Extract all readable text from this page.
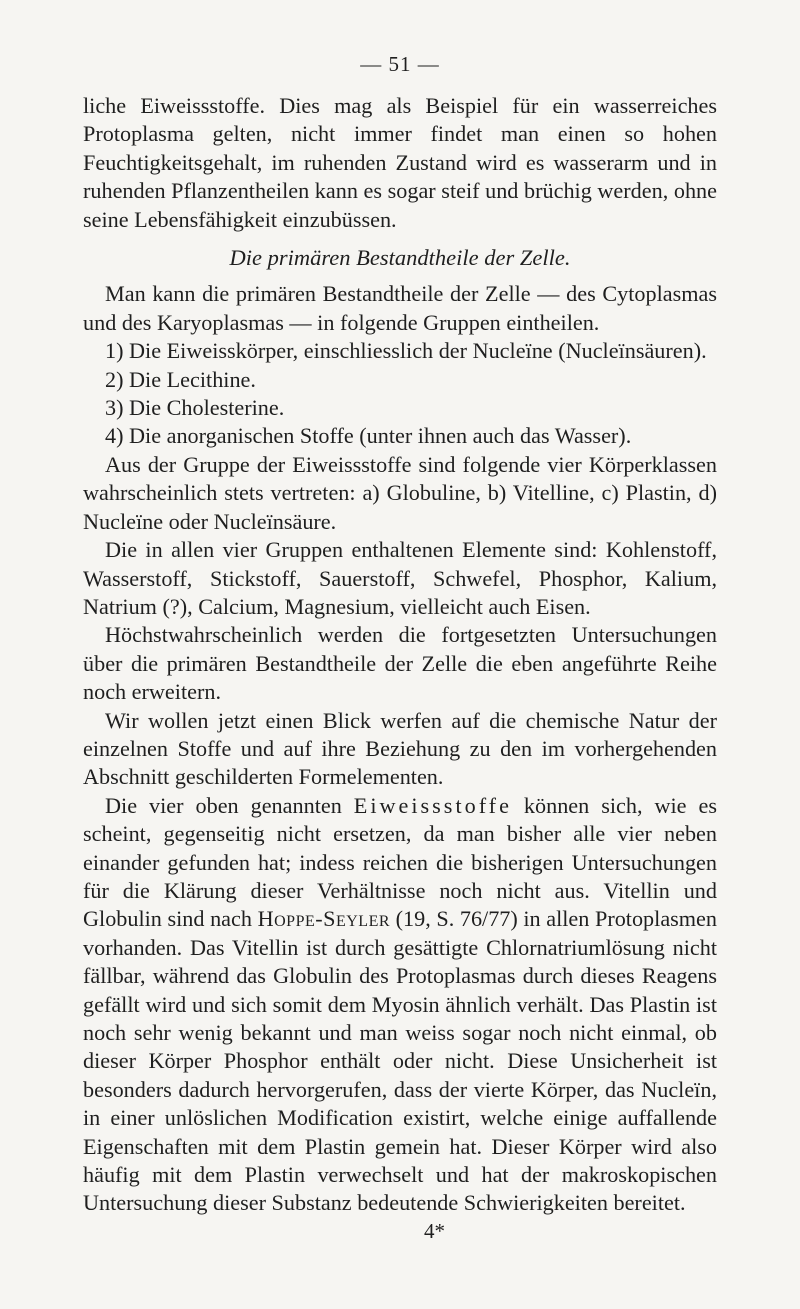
— 51 —

liche Eiweissstoffe. Dies mag als Beispiel für ein wasserreiches Protoplasma gelten, nicht immer findet man einen so hohen Feuchtigkeitsgehalt, im ruhenden Zustand wird es wasserarm und in ruhenden Pflanzentheilen kann es sogar steif und brüchig werden, ohne seine Lebensfähigkeit einzubüssen.

Die primären Bestandtheile der Zelle.

Man kann die primären Bestandtheile der Zelle — des Cytoplasmas und des Karyoplasmas — in folgende Gruppen eintheilen.

1) Die Eiweisskörper, einschliesslich der Nucleïne (Nucleïnsäuren).

2) Die Lecithine.

3) Die Cholesterine.

4) Die anorganischen Stoffe (unter ihnen auch das Wasser).

Aus der Gruppe der Eiweissstoffe sind folgende vier Körperklassen wahrscheinlich stets vertreten: a) Globuline, b) Vitelline, c) Plastin, d) Nucleïne oder Nucleïnsäure.

Die in allen vier Gruppen enthaltenen Elemente sind: Kohlenstoff, Wasserstoff, Stickstoff, Sauerstoff, Schwefel, Phosphor, Kalium, Natrium (?), Calcium, Magnesium, vielleicht auch Eisen.

Höchstwahrscheinlich werden die fortgesetzten Untersuchungen über die primären Bestandtheile der Zelle die eben angeführte Reihe noch erweitern.

Wir wollen jetzt einen Blick werfen auf die chemische Natur der einzelnen Stoffe und auf ihre Beziehung zu den im vorhergehenden Abschnitt geschilderten Formelementen.

Die vier oben genannten Eiweissstoffe können sich, wie es scheint, gegenseitig nicht ersetzen, da man bisher alle vier neben einander gefunden hat; indess reichen die bisherigen Untersuchungen für die Klärung dieser Verhältnisse noch nicht aus. Vitellin und Globulin sind nach Hoppe-Seyler (19, S. 76/77) in allen Protoplasmen vorhanden. Das Vitellin ist durch gesättigte Chlornatriumlösung nicht fällbar, während das Globulin des Protoplasmas durch dieses Reagens gefällt wird und sich somit dem Myosin ähnlich verhält. Das Plastin ist noch sehr wenig bekannt und man weiss sogar noch nicht einmal, ob dieser Körper Phosphor enthält oder nicht. Diese Unsicherheit ist besonders dadurch hervorgerufen, dass der vierte Körper, das Nucleïn, in einer unlöslichen Modification existirt, welche einige auffallende Eigenschaften mit dem Plastin gemein hat. Dieser Körper wird also häufig mit dem Plastin verwechselt und hat der makroskopischen Untersuchung dieser Substanz bedeutende Schwierigkeiten bereitet.

4*
